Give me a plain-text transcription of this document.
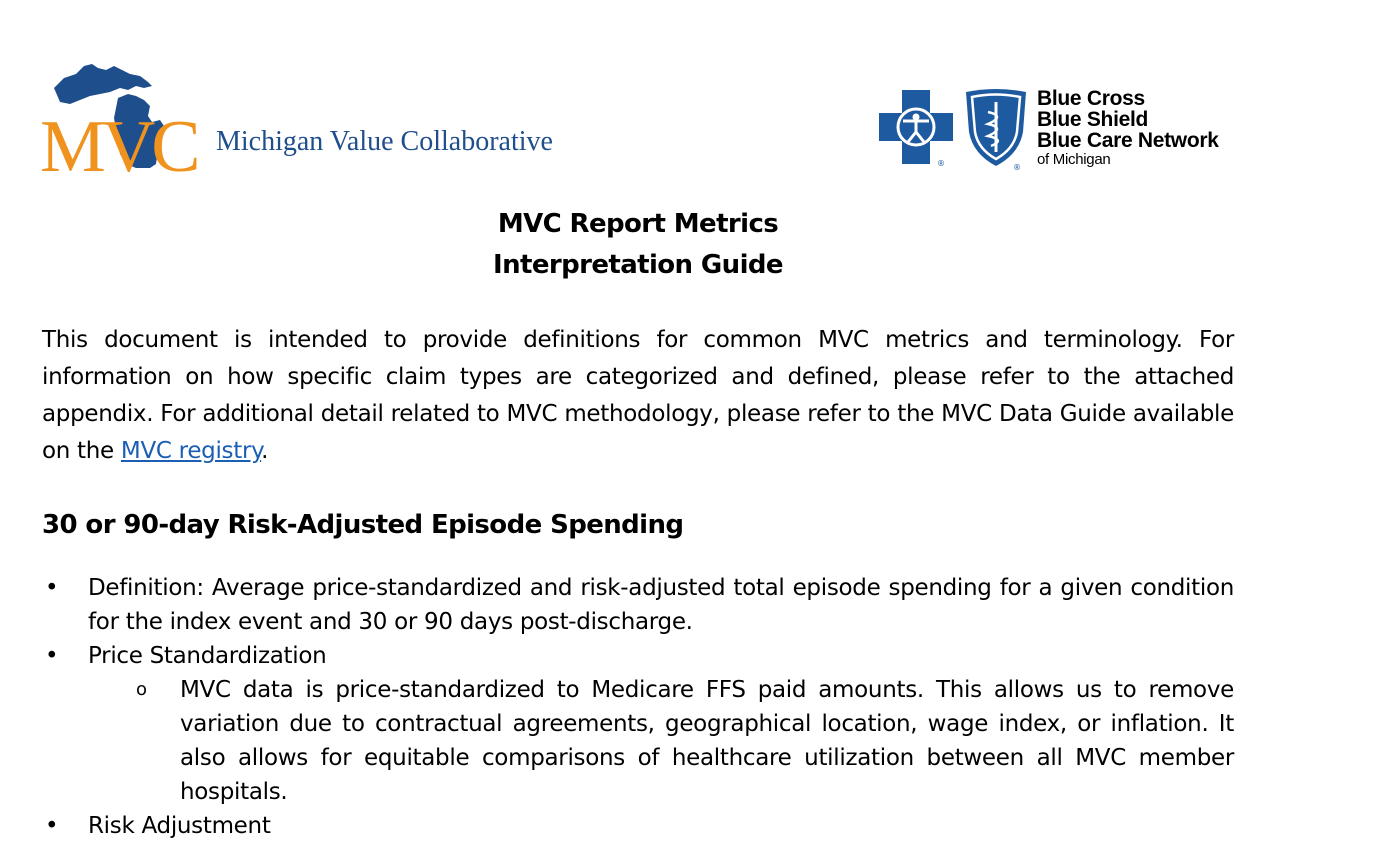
MVC Michigan Value Collaborative
®	®
Blue Cross
Blue Shield
Blue Care Network
of Michigan
MVC Report Metrics
Interpretation Guide
This document is intended to provide definitions for common MVC metrics and terminology. For information on how specific claim types are categorized and defined, please refer to the attached appendix. For additional detail related to MVC methodology, please refer to the MVC Data Guide available on the MVC registry.
30 or 90-day Risk-Adjusted Episode Spending
• Definition: Average price-standardized and risk-adjusted total episode spending for a given condition for the index event and 30 or 90 days post-discharge.
• Price Standardization
o MVC data is price-standardized to Medicare FFS paid amounts. This allows us to remove variation due to contractual agreements, geographical location, wage index, or inflation. It also allows for equitable comparisons of healthcare utilization between all MVC member hospitals.
• Risk Adjustment
